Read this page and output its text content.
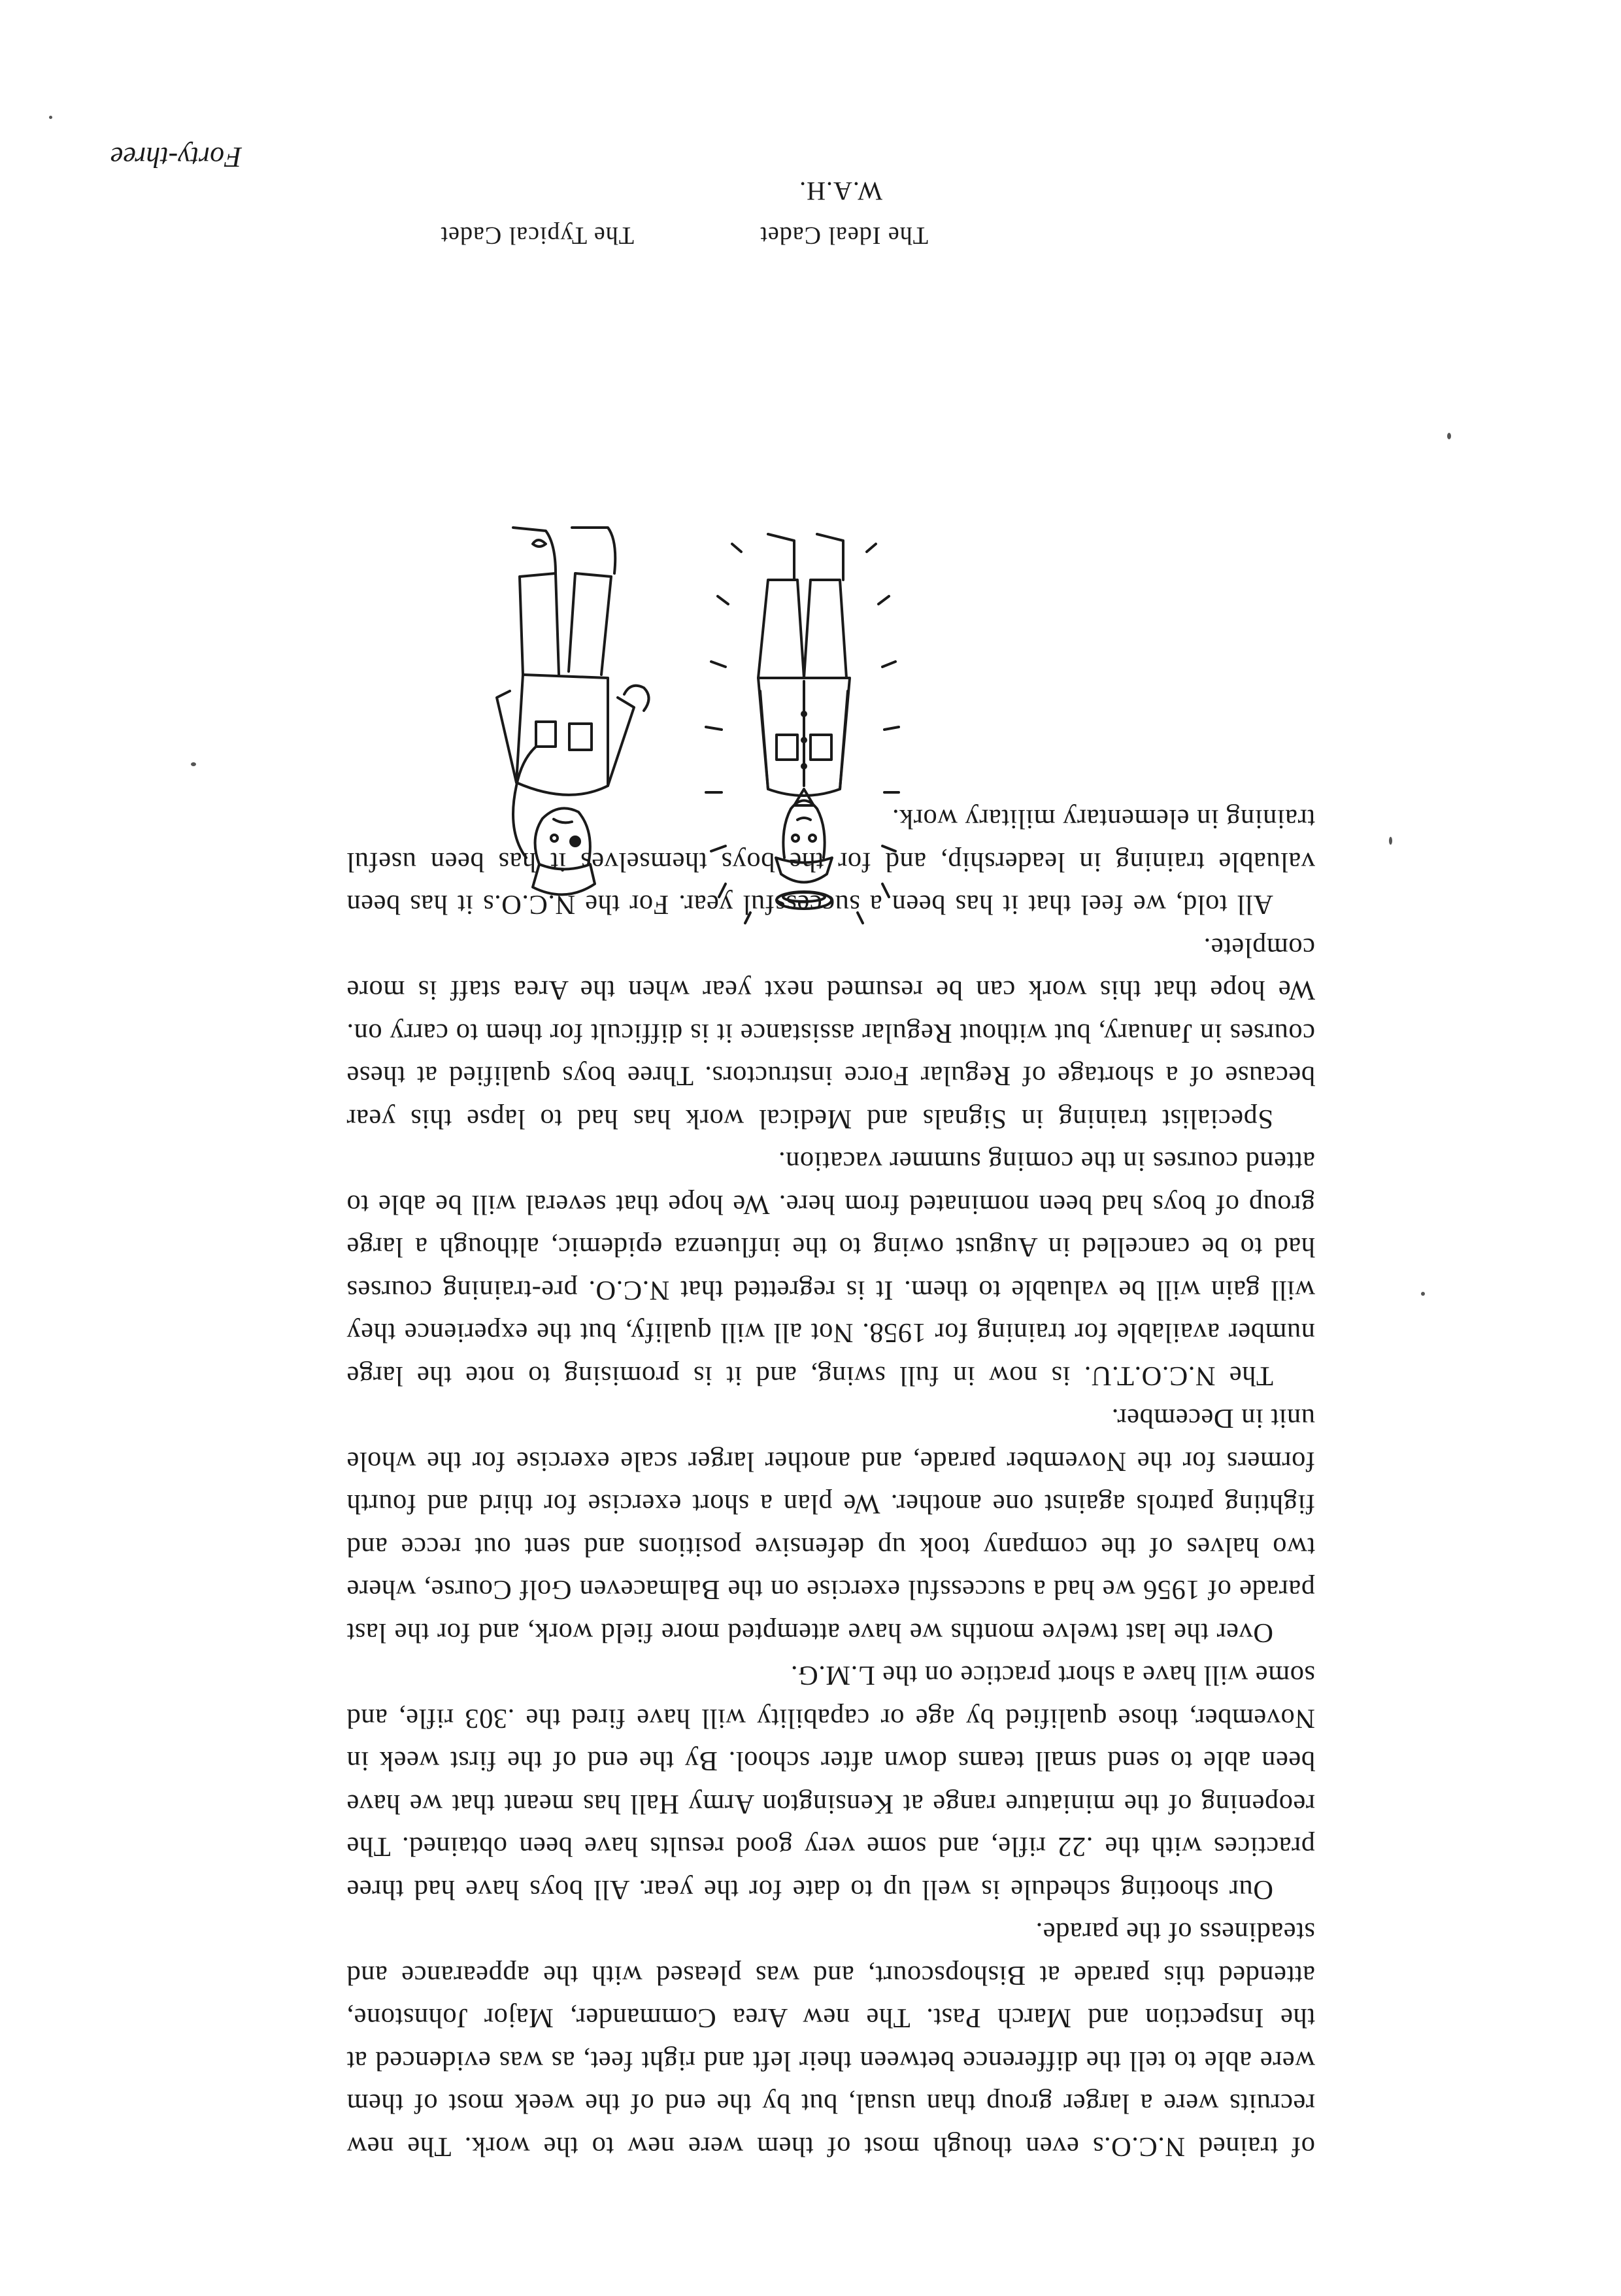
of trained N.C.O.s even though most of them were new to the work. The new recruits were a larger group than usual, but by the end of the week most of them were able to tell the difference between their left and right feet, as was evidenced at the Inspection and March Past. The new Area Commander, Major Johnstone, attended this parade at Bishopscourt, and was pleased with the appearance and steadiness of the parade.

Our shooting schedule is well up to date for the year. All boys have had three practices with the .22 rifle, and some very good results have been obtained. The reopening of the miniature range at Kensington Army Hall has meant that we have been able to send small teams down after school. By the end of the first week in November, those qualified by age or capability will have fired the .303 rifle, and some will have a short practice on the L.M.G.

Over the last twelve months we have attempted more field work, and for the last parade of 1956 we had a successful exercise on the Balmaceven Golf Course, where two halves of the company took up defensive positions and sent out recce and fighting patrols against one another. We plan a short exercise for third and fourth formers for the November parade, and another larger scale exercise for the whole unit in December.

The N.C.O.T.U. is now in full swing, and it is promising to note the large number available for training for 1958. Not all will qualify, but the experience they will gain will be valuable to them. It is regretted that N.C.O. pre-training courses had to be cancelled in August owing to the influenza epidemic, although a large group of boys had been nominated from here. We hope that several will be able to attend courses in the coming summer vacation.

Specialist training in Signals and Medical work has had to lapse this year because of a shortage of Regular Force instructors. Three boys qualified at these courses in January, but without Regular assistance it is difficult for them to carry on. We hope that this work can be resumed next year when the Area staff is more complete.

All told, we feel that it has been a successful year. For the N.C.O.s it has been valuable training in leadership, and for the boys themselves it has been useful training in elementary military work.

The Ideal Cadet
The Typical Cadet
W.A.H.
Forty-three
